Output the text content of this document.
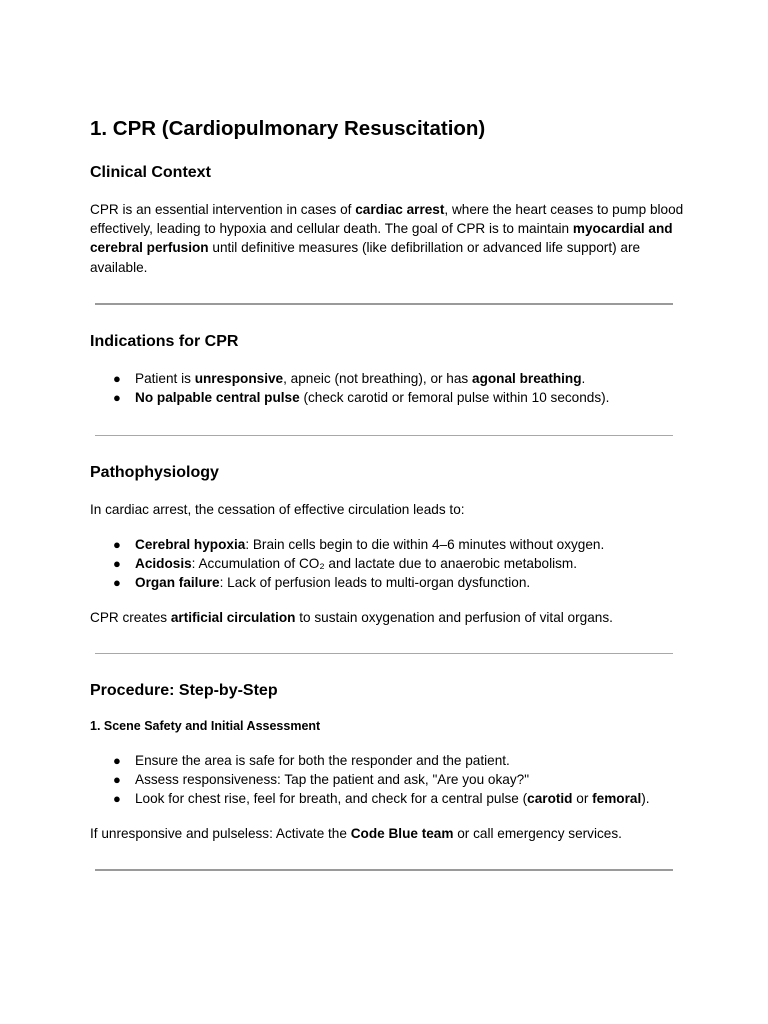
1. CPR (Cardiopulmonary Resuscitation)
Clinical Context

CPR is an essential intervention in cases of cardiac arrest, where the heart ceases to pump blood effectively, leading to hypoxia and cellular death. The goal of CPR is to maintain myocardial and cerebral perfusion until definitive measures (like defibrillation or advanced life support) are available.

Indications for CPR
● Patient is unresponsive, apneic (not breathing), or has agonal breathing.
● No palpable central pulse (check carotid or femoral pulse within 10 seconds).
Pathophysiology

In cardiac arrest, the cessation of effective circulation leads to:

● Cerebral hypoxia: Brain cells begin to die within 4–6 minutes without oxygen.
● Acidosis: Accumulation of CO₂ and lactate due to anaerobic metabolism.
● Organ failure: Lack of perfusion leads to multi-organ dysfunction.

CPR creates artificial circulation to sustain oxygenation and perfusion of vital organs.

Procedure: Step-by-Step
1. Scene Safety and Initial Assessment
● Ensure the area is safe for both the responder and the patient.
● Assess responsiveness: Tap the patient and ask, "Are you okay?"
● Look for chest rise, feel for breath, and check for a central pulse (carotid or femoral).

If unresponsive and pulseless: Activate the Code Blue team or call emergency services.
